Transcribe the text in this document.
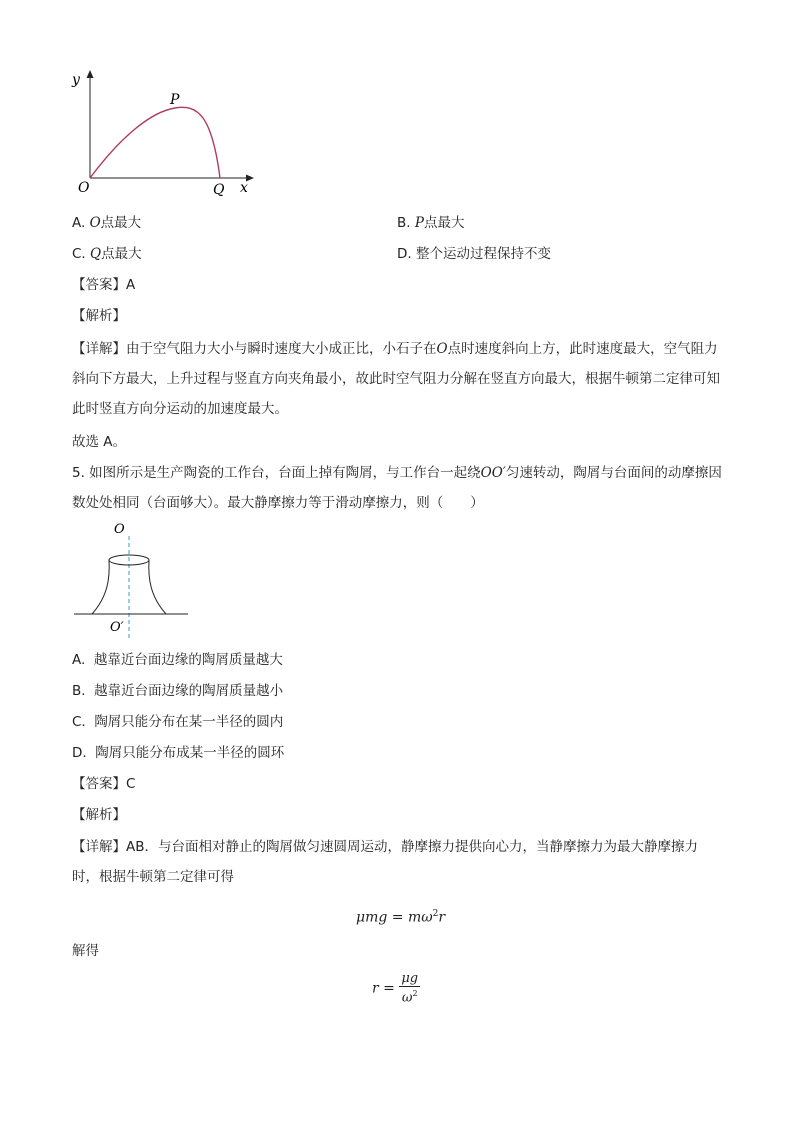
y
P
O	Q x
A. O点最大	B. P点最大
C. Q点最大	D. 整个运动过程保持不变
【答案】A
【解析】
【详解】由于空气阻力大小与瞬时速度大小成正比，小石子在O点时速度斜向上方，此时速度最大，空气阻力斜向下方最大，上升过程与竖直方向夹角最小，故此时空气阻力分解在竖直方向最大，根据牛顿第二定律可知此时竖直方向分运动的加速度最大。
故选 A。
5. 如图所示是生产陶瓷的工作台，台面上掉有陶屑，与工作台一起绕OO′匀速转动，陶屑与台面间的动摩擦因数处处相同（台面够大）。最大静摩擦力等于滑动摩擦力，则（　　）
O
O′
A. 越靠近台面边缘的陶屑质量越大
B. 越靠近台面边缘的陶屑质量越小
C. 陶屑只能分布在某一半径的圆内
D. 陶屑只能分布成某一半径的圆环
【答案】C
【解析】
【详解】AB．与台面相对静止的陶屑做匀速圆周运动，静摩擦力提供向心力，当静摩擦力为最大静摩擦力时，根据牛顿第二定律可得
$\mu mg = m\omega^2r$
解得
$r = \frac{\mu g}{\omega^2}$
